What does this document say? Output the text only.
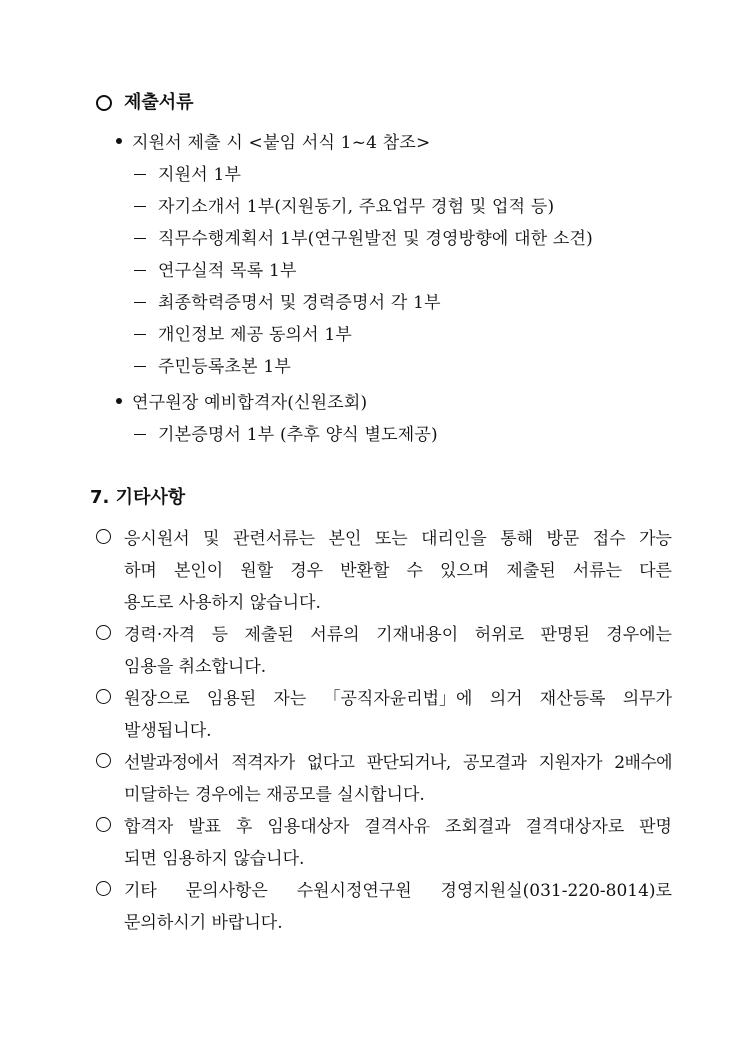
제출서류
지원서 제출 시 <붙임 서식 1~4 참조>
지원서 1부
자기소개서 1부(지원동기, 주요업무 경험 및 업적 등)
직무수행계획서 1부(연구원발전 및 경영방향에 대한 소견)
연구실적 목록 1부
최종학력증명서 및 경력증명서 각 1부
개인정보 제공 동의서 1부
주민등록초본 1부
연구원장 예비합격자(신원조회)
기본증명서 1부 (추후 양식 별도제공)
7. 기타사항
응시원서 및 관련서류는 본인 또는 대리인을 통해 방문 접수 가능
하며 본인이 원할 경우 반환할 수 있으며 제출된 서류는 다른
용도로 사용하지 않습니다.
경력·자격 등 제출된 서류의 기재내용이 허위로 판명된 경우에는
임용을 취소합니다.
원장으로 임용된 자는 「공직자윤리법」에 의거 재산등록 의무가
발생됩니다.
선발과정에서 적격자가 없다고 판단되거나, 공모결과 지원자가 2배수에
미달하는 경우에는 재공모를 실시합니다.
합격자 발표 후 임용대상자 결격사유 조회결과 결격대상자로 판명
되면 임용하지 않습니다.
기타 문의사항은 수원시정연구원 경영지원실(031-220-8014)로
문의하시기 바랍니다.
